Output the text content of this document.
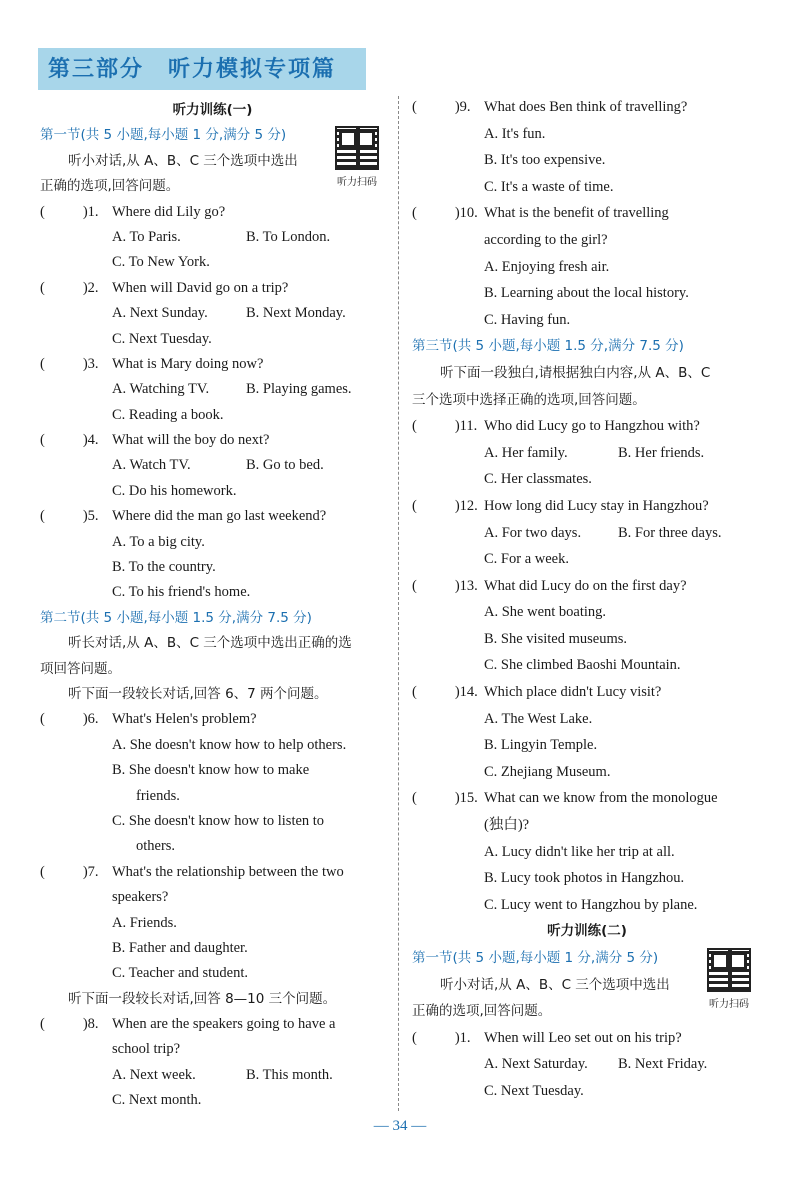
第三部分　听力模拟专项篇
听力训练(一)
第一节(共 5 小题,每小题 1 分,满分 5 分)
听小对话,从 A、B、C 三个选项中选出
正确的选项,回答问题。
(	)1. Where did Lily go?
A. To Paris.	B. To London.
C. To New York.
(	)2. When will David go on a trip?
A. Next Sunday.	B. Next Monday.
C. Next Tuesday.
(	)3. What is Mary doing now?
A. Watching TV.	B. Playing games.
C. Reading a book.
(	)4. What will the boy do next?
A. Watch TV.	B. Go to bed.
C. Do his homework.
(	)5. Where did the man go last weekend?
A. To a big city.
B. To the country.
C. To his friend's home.
第二节(共 5 小题,每小题 1.5 分,满分 7.5 分)
听长对话,从 A、B、C 三个选项中选出正确的选
项回答问题。
听下面一段较长对话,回答 6、7 两个问题。
(	)6. What's Helen's problem?
A. She doesn't know how to help others.
B. She doesn't know how to make
friends.
C. She doesn't know how to listen to
others.
(	)7. What's the relationship between the two
speakers?
A. Friends.
B. Father and daughter.
C. Teacher and student.
听下面一段较长对话,回答 8—10 三个问题。
(	)8. When are the speakers going to have a
school trip?
A. Next week.	B. This month.
C. Next month.
听力扫码
(	)9. What does Ben think of travelling?
A. It's fun.
B. It's too expensive.
C. It's a waste of time.
(	)10. What is the benefit of travelling
according to the girl?
A. Enjoying fresh air.
B. Learning about the local history.
C. Having fun.
第三节(共 5 小题,每小题 1.5 分,满分 7.5 分)
听下面一段独白,请根据独白内容,从 A、B、C
三个选项中选择正确的选项,回答问题。
(	)11. Who did Lucy go to Hangzhou with?
A. Her family.	B. Her friends.
C. Her classmates.
(	)12. How long did Lucy stay in Hangzhou?
A. For two days.	B. For three days.
C. For a week.
(	)13. What did Lucy do on the first day?
A. She went boating.
B. She visited museums.
C. She climbed Baoshi Mountain.
(	)14. Which place didn't Lucy visit?
A. The West Lake.
B. Lingyin Temple.
C. Zhejiang Museum.
(	)15. What can we know from the monologue
(独白)?
A. Lucy didn't like her trip at all.
B. Lucy took photos in Hangzhou.
C. Lucy went to Hangzhou by plane.
听力训练(二)
第一节(共 5 小题,每小题 1 分,满分 5 分)
听小对话,从 A、B、C 三个选项中选出
正确的选项,回答问题。
(	)1. When will Leo set out on his trip?
A. Next Saturday.	B. Next Friday.
C. Next Tuesday.
听力扫码
— 34 —
